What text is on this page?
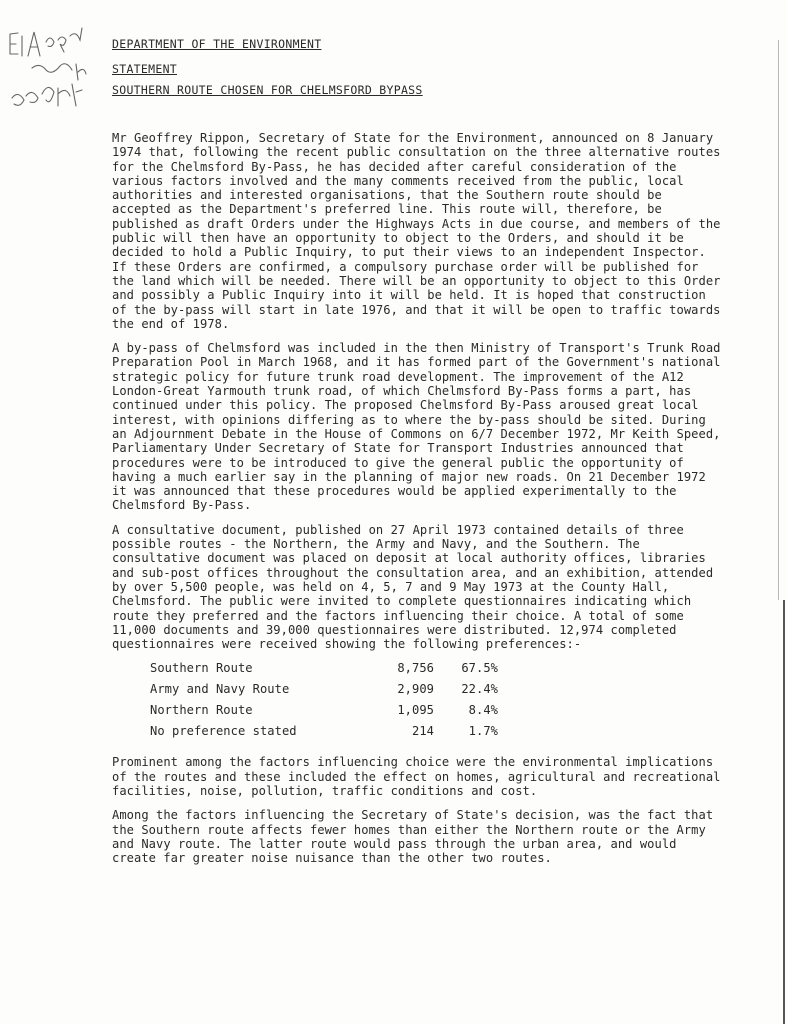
DEPARTMENT OF THE ENVIRONMENT
STATEMENT
SOUTHERN ROUTE CHOSEN FOR CHELMSFORD BYPASS

Mr Geoffrey Rippon, Secretary of State for the Environment, announced on 8 January 1974 that, following the recent public consultation on the three alternative routes for the Chelmsford By-Pass, he has decided after careful consideration of the various factors involved and the many comments received from the public, local authorities and interested organisations, that the Southern route should be accepted as the Department's preferred line. This route will, therefore, be published as draft Orders under the Highways Acts in due course, and members of the public will then have an opportunity to object to the Orders, and should it be decided to hold a Public Inquiry, to put their views to an independent Inspector. If these Orders are confirmed, a compulsory purchase order will be published for the land which will be needed. There will be an opportunity to object to this Order and possibly a Public Inquiry into it will be held. It is hoped that construction of the by-pass will start in late 1976, and that it will be open to traffic towards the end of 1978.

A by-pass of Chelmsford was included in the then Ministry of Transport's Trunk Road Preparation Pool in March 1968, and it has formed part of the Government's national strategic policy for future trunk road development. The improvement of the A12 London-Great Yarmouth trunk road, of which Chelmsford By-Pass forms a part, has continued under this policy. The proposed Chelmsford By-Pass aroused great local interest, with opinions differing as to where the by-pass should be sited. During an Adjournment Debate in the House of Commons on 6/7 December 1972, Mr Keith Speed, Parliamentary Under Secretary of State for Transport Industries announced that procedures were to be introduced to give the general public the opportunity of having a much earlier say in the planning of major new roads. On 21 December 1972 it was announced that these procedures would be applied experimentally to the Chelmsford By-Pass.

A consultative document, published on 27 April 1973 contained details of three possible routes - the Northern, the Army and Navy, and the Southern. The consultative document was placed on deposit at local authority offices, libraries and sub-post offices throughout the consultation area, and an exhibition, attended by over 5,500 people, was held on 4, 5, 7 and 9 May 1973 at the County Hall, Chelmsford. The public were invited to complete questionnaires indicating which route they preferred and the factors influencing their choice. A total of some 11,000 documents and 39,000 questionnaires were distributed. 12,974 completed questionnaires were received showing the following preferences:-

Southern Route	8,756	67.5%
Army and Navy Route	2,909	22.4%
Northern Route	1,095	8.4%
No preference stated	214	1.7%

Prominent among the factors influencing choice were the environmental implications of the routes and these included the effect on homes, agricultural and recreational facilities, noise, pollution, traffic conditions and cost.

Among the factors influencing the Secretary of State's decision, was the fact that the Southern route affects fewer homes than either the Northern route or the Army and Navy route. The latter route would pass through the urban area, and would create far greater noise nuisance than the other two routes.
